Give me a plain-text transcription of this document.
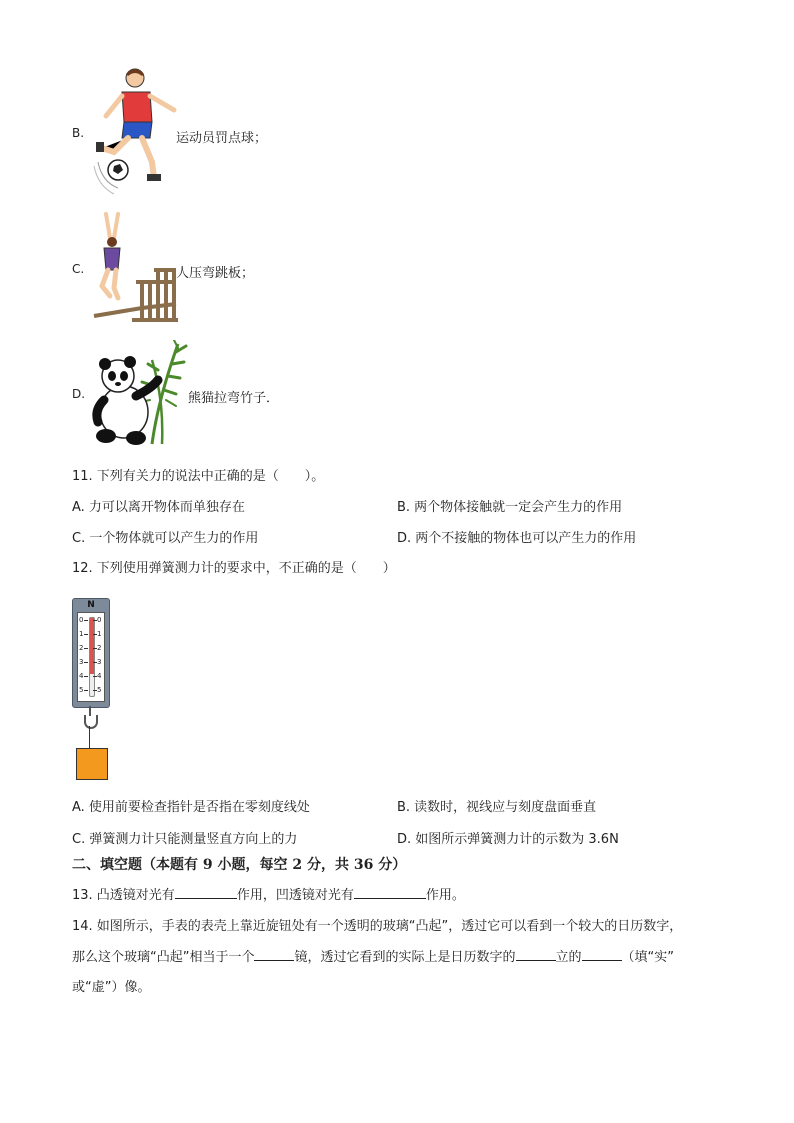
B.	运动员罚点球；
C.	人压弯跳板；
D.	熊猫拉弯竹子．
11. 下列有关力的说法中正确的是（　　）。
A. 力可以离开物体而单独存在	B. 两个物体接触就一定会产生力的作用
C. 一个物体就可以产生力的作用	D. 两个不接触的物体也可以产生力的作用
12. 下列使用弹簧测力计的要求中，不正确的是（　　）
N
0
1
2
3
4
5
0
1
2
3
4
5
A. 使用前要检查指针是否指在零刻度线处	B. 读数时，视线应与刻度盘面垂直
C. 弹簧测力计只能测量竖直方向上的力	D. 如图所示弹簧测力计的示数为 3.6N
二、填空题（本题有 9 小题，每空 2 分，共 36 分）
13. 凸透镜对光有	作用，凹透镜对光有	作用。
14. 如图所示，手表的表壳上靠近旋钮处有一个透明的玻璃“凸起”，透过它可以看到一个较大的日历数字，
那么这个玻璃“凸起”相当于一个	镜，透过它看到的实际上是日历数字的	立的	（填“实”
或“虚”）像。
